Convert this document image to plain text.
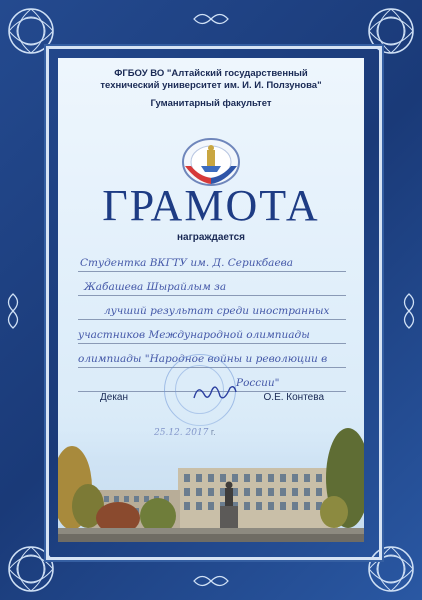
ФГБОУ ВО "Алтайский государственный
технический университет им. И. И. Ползунова"
Гуманитарный факультет
ГРАМОТА
награждается
Студентка ВКГТУ им. Д. Серикбаева
Жабашева Шырайлым за
лучший результат среди иностранных
участников Международной олимпиады
олимпиады "Народное войны и революции в
России"
Декан	О.Е. Контева
